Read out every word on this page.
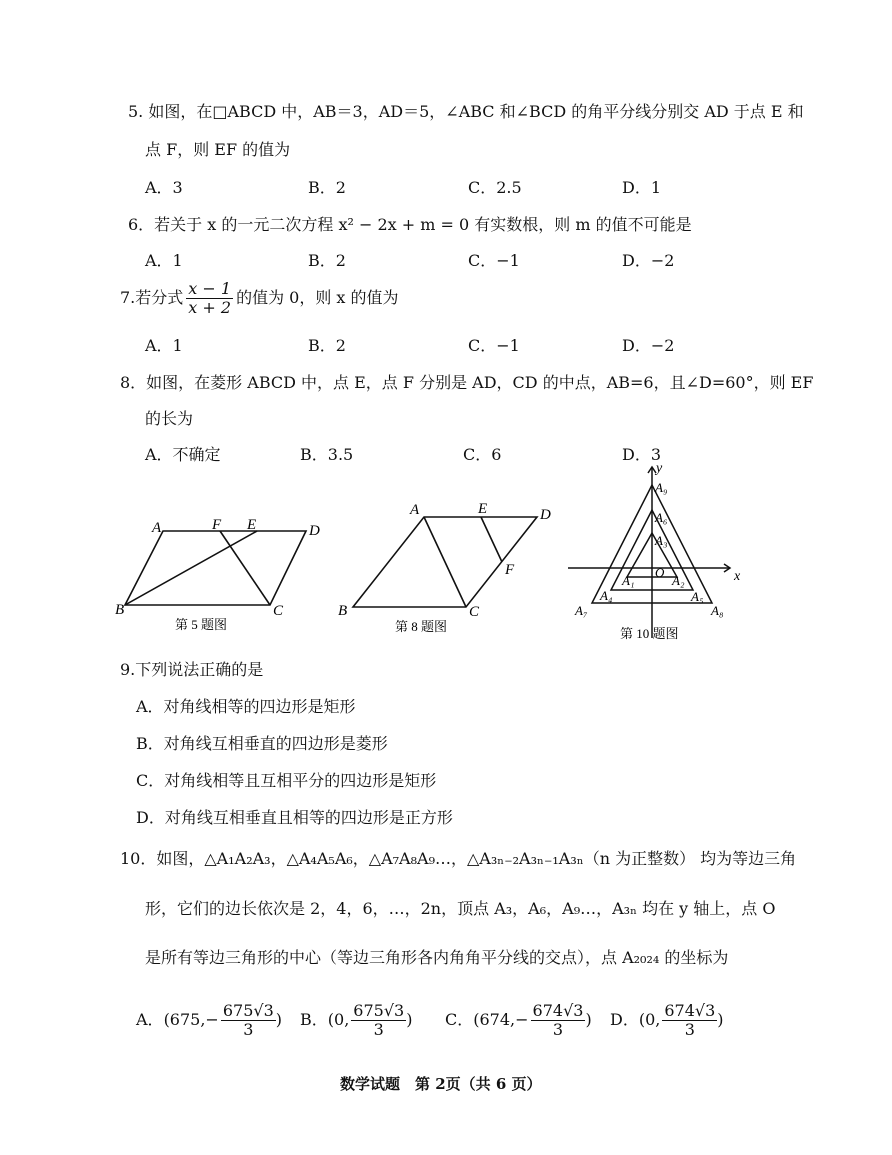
5. 如图，在□ABCD 中，AB＝3，AD＝5，∠ABC 和∠BCD 的角平分线分别交 AD 于点 E 和
点 F，则 EF 的值为
A．3	B．2	C．2.5	D．1
6．若关于 x 的一元二次方程 x² − 2x + m = 0 有实数根，则 m 的值不可能是
A．1	B．2	C．−1	D．−2
7.若分式 $\frac{x - 1}{x + 2}$ 的值为 0，则 x 的值为
A．1	B．2	C．−1	D．−2
8．如图，在菱形 ABCD 中，点 E，点 F 分别是 AD，CD 的中点，AB=6，且∠D=60°，则 EF
的长为
A．不确定	B．3.5	C．6	D．3
A	F E	D
B	C
第 5 题图
A	E	D
F
B	C
第 8 题图
y
x
A₉
A₆
A₃
O
A₁	A₂
A₄	A₅
A₇	A₈
第 10 题图
9.下列说法正确的是
A．对角线相等的四边形是矩形
B．对角线互相垂直的四边形是菱形
C．对角线相等且互相平分的四边形是矩形
D．对角线互相垂直且相等的四边形是正方形
10．如图，△A₁A₂A₃，△A₄A₅A₆，△A₇A₈A₉…，△A₃ₙ₋₂A₃ₙ₋₁A₃ₙ（n 为正整数） 均为等边三角
形，它们的边长依次是 2，4，6，…，2n，顶点 A₃，A₆，A₉…，A₃ₙ 均在 y 轴上，点 O
是所有等边三角形的中心（等边三角形各内角角平分线的交点），点 A₂₀₂₄ 的坐标为
A．($675,- \frac{675√3}{3}$ ) B．(0, $\frac{675√3}{3}$ ) C．($674,- \frac{674√3}{3}$ ) D．(0, $\frac{674√3}{3}$ )
数学试题　第 2页（共 6 页）
